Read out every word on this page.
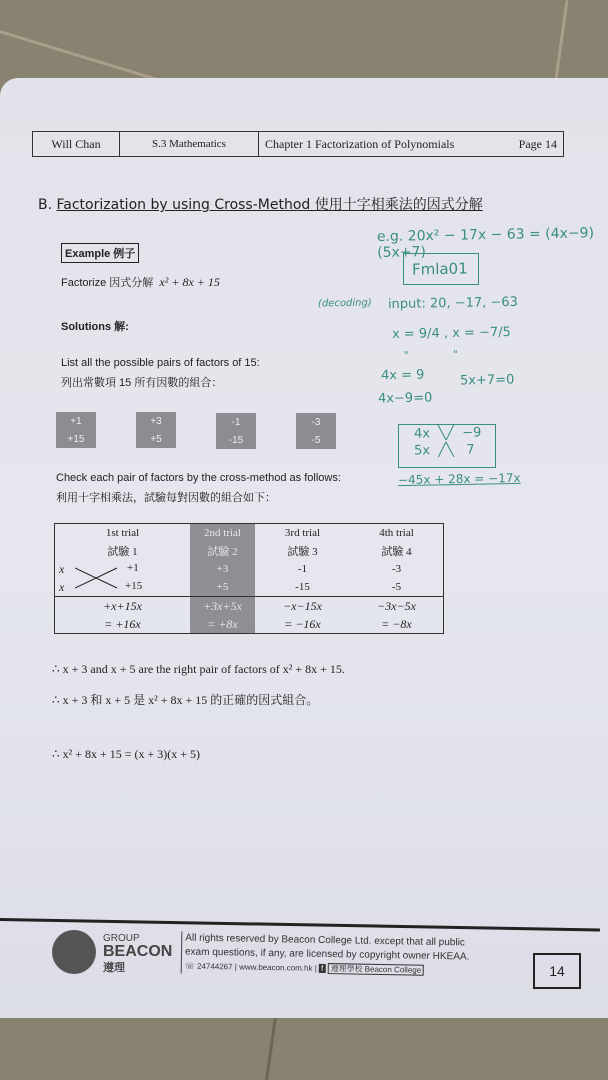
Will Chan	S.3 Mathematics	Chapter 1 Factorization of Polynomials	Page 14
B. Factorization by using Cross-Method 使用十字相乘法的因式分解
Example 例子
Factorize 因式分解 x² + 8x + 15
Solutions 解:
List all the possible pairs of factors of 15:
列出常數項 15 所有因數的組合：
+1
+15
+3
+5
-1
-15
-3
-5
Check each pair of factors by the cross-method as follows:
利用十字相乘法，試驗每對因數的組合如下：
1st trial	2nd trial	3rd trial	4th trial
試驗 1	試驗 2	試驗 3	試驗 4

x +1	+3	-1	-3

x +15	+5	-15	-5
+x+15x	+3x+5x	−x−15x	−3x−5x
= +16x	= +8x	= −16x	= −8x
∴ x + 3 and x + 5 are the right pair of factors of x² + 8x + 15.
∴ x + 3 和 x + 5 是 x² + 8x + 15 的正確的因式組合。
∴ x² + 8x + 15 = (x + 3)(x + 5)
e.g. 20x² − 17x − 63 = (4x−9)(5x+7)
Fmla01
(decoding) input: 20, −17, −63
x = 9/4 , x = −7/5
"              "
4x = 9
4x−9=0
5x+7=0
4x  ╲╱  −9
5x  ╱╲   7
−45x + 28x = −17x
GROUP
BEACON
遵理
All rights reserved by Beacon College Ltd. except that all public
exam questions, if any, are licensed by copyright owner HKEAA.
☏ 24744267 | www.beacon.com.hk | f 遵理學校 Beacon College	14
